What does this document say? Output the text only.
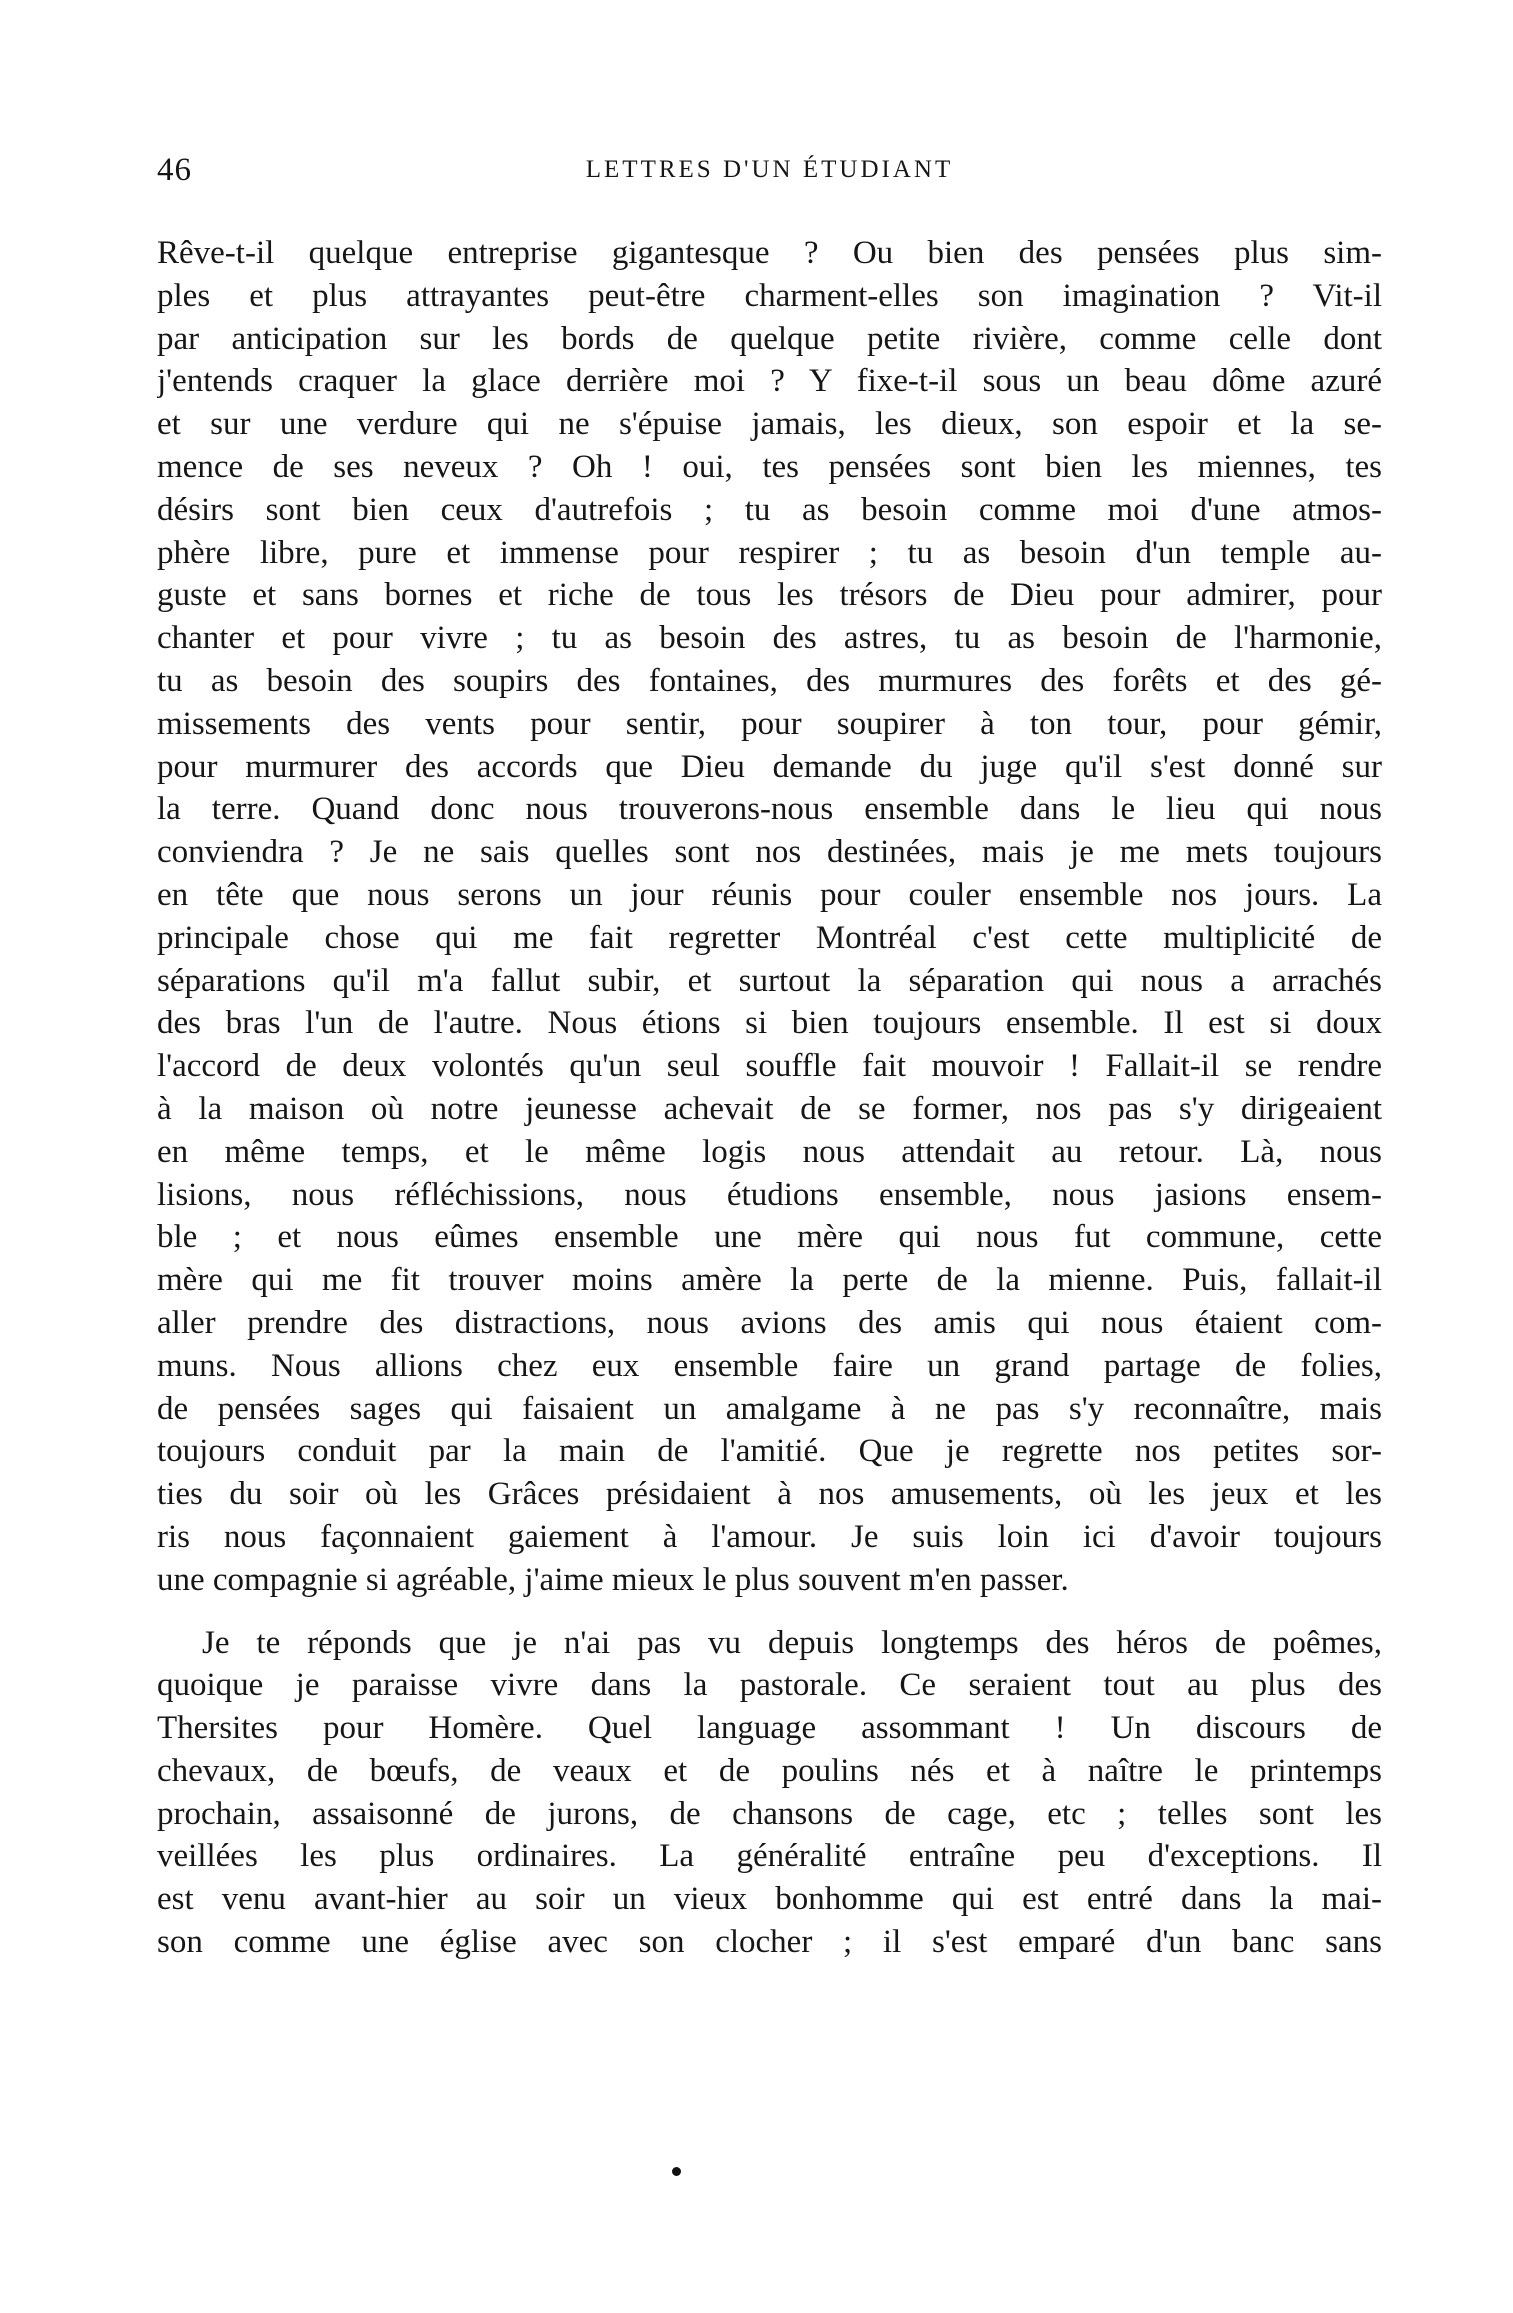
46	LETTRES D'UN ÉTUDIANT
Rêve-t-il quelque entreprise gigantesque ? Ou bien des pensées plus sim-
ples et plus attrayantes peut-être charment-elles son imagination ? Vit-il
par anticipation sur les bords de quelque petite rivière, comme celle dont
j'entends craquer la glace derrière moi ? Y fixe-t-il sous un beau dôme azuré
et sur une verdure qui ne s'épuise jamais, les dieux, son espoir et la se-
mence de ses neveux ? Oh ! oui, tes pensées sont bien les miennes, tes
désirs sont bien ceux d'autrefois ; tu as besoin comme moi d'une atmos-
phère libre, pure et immense pour respirer ; tu as besoin d'un temple au-
guste et sans bornes et riche de tous les trésors de Dieu pour admirer, pour
chanter et pour vivre ; tu as besoin des astres, tu as besoin de l'harmonie,
tu as besoin des soupirs des fontaines, des murmures des forêts et des gé-
missements des vents pour sentir, pour soupirer à ton tour, pour gémir,
pour murmurer des accords que Dieu demande du juge qu'il s'est donné sur
la terre. Quand donc nous trouverons-nous ensemble dans le lieu qui nous
conviendra ? Je ne sais quelles sont nos destinées, mais je me mets toujours
en tête que nous serons un jour réunis pour couler ensemble nos jours. La
principale chose qui me fait regretter Montréal c'est cette multiplicité de
séparations qu'il m'a fallut subir, et surtout la séparation qui nous a arrachés
des bras l'un de l'autre. Nous étions si bien toujours ensemble. Il est si doux
l'accord de deux volontés qu'un seul souffle fait mouvoir ! Fallait-il se rendre
à la maison où notre jeunesse achevait de se former, nos pas s'y dirigeaient
en même temps, et le même logis nous attendait au retour. Là, nous
lisions, nous réfléchissions, nous étudions ensemble, nous jasions ensem-
ble ; et nous eûmes ensemble une mère qui nous fut commune, cette
mère qui me fit trouver moins amère la perte de la mienne. Puis, fallait-il
aller prendre des distractions, nous avions des amis qui nous étaient com-
muns. Nous allions chez eux ensemble faire un grand partage de folies,
de pensées sages qui faisaient un amalgame à ne pas s'y reconnaître, mais
toujours conduit par la main de l'amitié. Que je regrette nos petites sor-
ties du soir où les Grâces présidaient à nos amusements, où les jeux et les
ris nous façonnaient gaiement à l'amour. Je suis loin ici d'avoir toujours
une compagnie si agréable, j'aime mieux le plus souvent m'en passer.
Je te réponds que je n'ai pas vu depuis longtemps des héros de poêmes,
quoique je paraisse vivre dans la pastorale. Ce seraient tout au plus des
Thersites pour Homère. Quel language assommant ! Un discours de
chevaux, de bœufs, de veaux et de poulins nés et à naître le printemps
prochain, assaisonné de jurons, de chansons de cage, etc ; telles sont les
veillées les plus ordinaires. La généralité entraîne peu d'exceptions. Il
est venu avant-hier au soir un vieux bonhomme qui est entré dans la mai-
son comme une église avec son clocher ; il s'est emparé d'un banc sans
